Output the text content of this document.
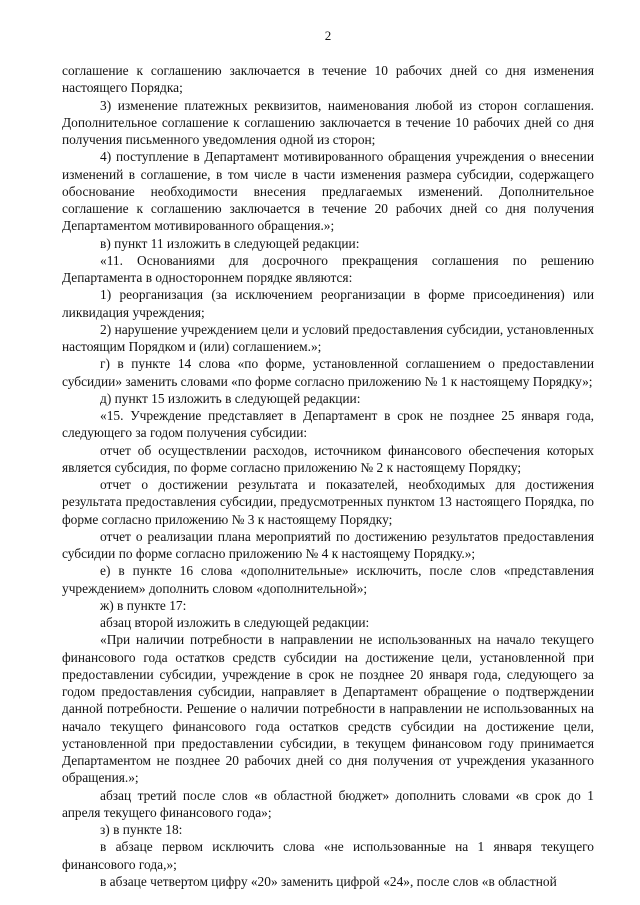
2

соглашение к соглашению заключается в течение 10 рабочих дней со дня изменения настоящего Порядка;

3) изменение платежных реквизитов, наименования любой из сторон соглашения. Дополнительное соглашение к соглашению заключается в течение 10 рабочих дней со дня получения письменного уведомления одной из сторон;

4) поступление в Департамент мотивированного обращения учреждения о внесении изменений в соглашение, в том числе в части изменения размера субсидии, содержащего обоснование необходимости внесения предлагаемых изменений. Дополнительное соглашение к соглашению заключается в течение 20 рабочих дней со дня получения Департаментом мотивированного обращения.»;

в) пункт 11 изложить в следующей редакции:

«11. Основаниями для досрочного прекращения соглашения по решению Департамента в одностороннем порядке являются:

1) реорганизация (за исключением реорганизации в форме присоединения) или ликвидация учреждения;

2) нарушение учреждением цели и условий предоставления субсидии, установленных настоящим Порядком и (или) соглашением.»;

г) в пункте 14 слова «по форме, установленной соглашением о предоставлении субсидии» заменить словами «по форме согласно приложению № 1 к настоящему Порядку»;

д) пункт 15 изложить в следующей редакции:

«15. Учреждение представляет в Департамент в срок не позднее 25 января года, следующего за годом получения субсидии:

отчет об осуществлении расходов, источником финансового обеспечения которых является субсидия, по форме согласно приложению № 2 к настоящему Порядку;

отчет о достижении результата и показателей, необходимых для достижения результата предоставления субсидии, предусмотренных пунктом 13 настоящего Порядка, по форме согласно приложению № 3 к настоящему Порядку;

отчет о реализации плана мероприятий по достижению результатов предоставления субсидии по форме согласно приложению № 4 к настоящему Порядку.»;

е) в пункте 16 слова «дополнительные» исключить, после слов «представления учреждением» дополнить словом «дополнительной»;

ж) в пункте 17:

абзац второй изложить в следующей редакции:

«При наличии потребности в направлении не использованных на начало текущего финансового года остатков средств субсидии на достижение цели, установленной при предоставлении субсидии, учреждение в срок не позднее 20 января года, следующего за годом предоставления субсидии, направляет в Департамент обращение о подтверждении данной потребности. Решение о наличии потребности в направлении не использованных на начало текущего финансового года остатков средств субсидии на достижение цели, установленной при предоставлении субсидии, в текущем финансовом году принимается Департаментом не позднее 20 рабочих дней со дня получения от учреждения указанного обращения.»;

абзац третий после слов «в областной бюджет» дополнить словами «в срок до 1 апреля текущего финансового года»;

з) в пункте 18:

в абзаце первом исключить слова «не использованные на 1 января текущего финансового года,»;

в абзаце четвертом цифру «20» заменить цифрой «24», после слов «в областной
